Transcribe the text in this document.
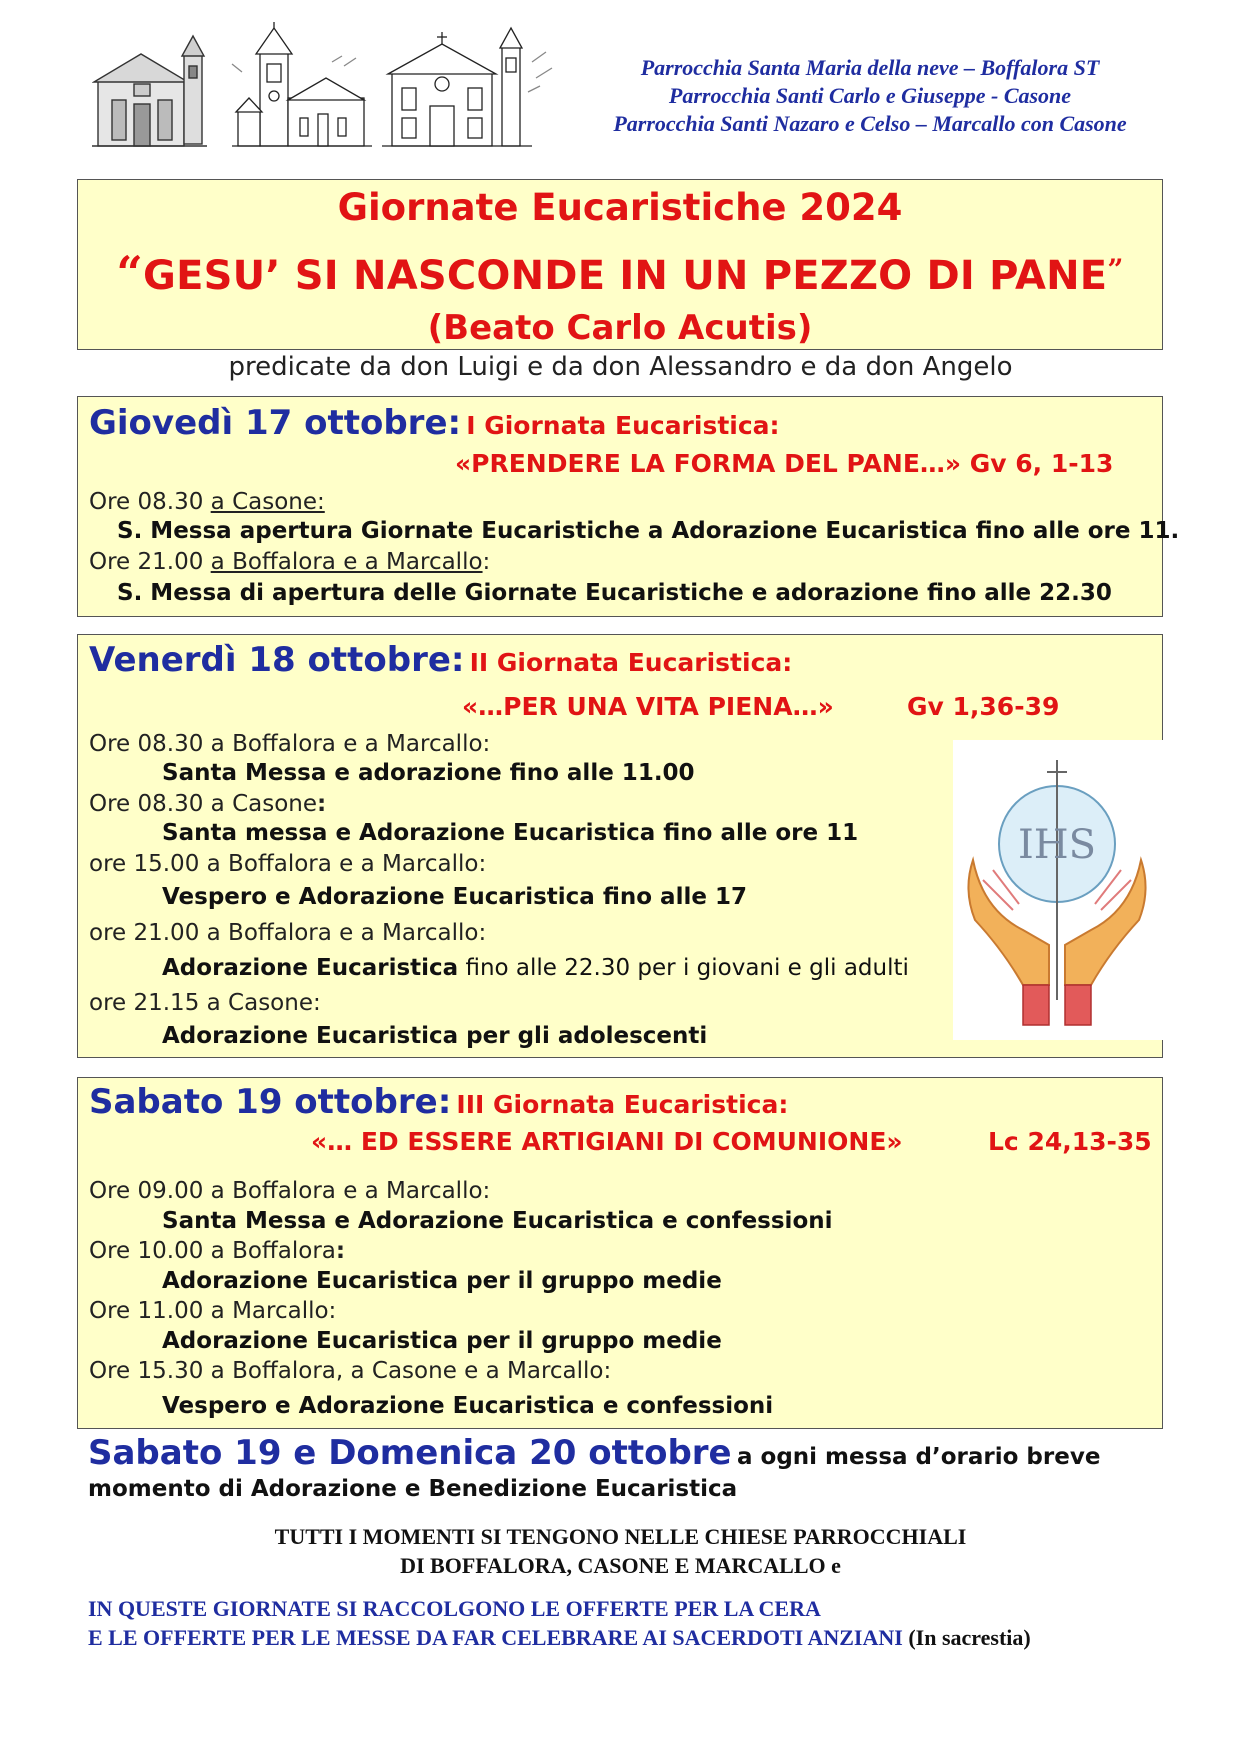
Parrocchia Santa Maria della neve – Boffalora ST
Parrocchia Santi Carlo e Giuseppe - Casone
Parrocchia Santi Nazaro e Celso – Marcallo con Casone
Giornate Eucaristiche 2024
“GESU’ SI NASCONDE IN UN PEZZO DI PANE”
(Beato Carlo Acutis)
predicate da don Luigi e da don Alessandro e da don Angelo
Giovedì 17 ottobre: I Giornata Eucaristica:
«PRENDERE LA FORMA DEL PANE…» Gv 6, 1-13
Ore 08.30 a Casone:
S. Messa apertura Giornate Eucaristiche a Adorazione Eucaristica fino alle ore 11.
Ore 21.00 a Boffalora e a Marcallo:
S. Messa di apertura delle Giornate Eucaristiche e adorazione fino alle 22.30
Venerdì 18 ottobre: II Giornata Eucaristica:
«…PER UNA VITA PIENA…»	Gv 1,36-39
Ore 08.30 a Boffalora e a Marcallo:
Santa Messa e adorazione fino alle 11.00
Ore 08.30 a Casone:
Santa messa e Adorazione Eucaristica fino alle ore 11
ore 15.00 a Boffalora e a Marcallo:
Vespero e Adorazione Eucaristica fino alle 17
ore 21.00 a Boffalora e a Marcallo:
Adorazione Eucaristica fino alle 22.30 per i giovani e gli adulti
ore 21.15 a Casone:
Adorazione Eucaristica per gli adolescenti
IHS
Sabato 19 ottobre: III Giornata Eucaristica:
«… ED ESSERE ARTIGIANI DI COMUNIONE»	Lc 24,13-35
Ore 09.00 a Boffalora e a Marcallo:
Santa Messa e Adorazione Eucaristica e confessioni
Ore 10.00 a Boffalora:
Adorazione Eucaristica per il gruppo medie
Ore 11.00 a Marcallo:
Adorazione Eucaristica per il gruppo medie
Ore 15.30 a Boffalora, a Casone e a Marcallo:
Vespero e Adorazione Eucaristica e confessioni
Sabato 19 e Domenica 20 ottobre a ogni messa d’orario breve
momento di Adorazione e Benedizione Eucaristica
TUTTI I MOMENTI SI TENGONO NELLE CHIESE PARROCCHIALI
DI BOFFALORA, CASONE E MARCALLO e
IN QUESTE GIORNATE SI RACCOLGONO LE OFFERTE PER LA CERA
E LE OFFERTE PER LE MESSE DA FAR CELEBRARE AI SACERDOTI ANZIANI (In sacrestia)
